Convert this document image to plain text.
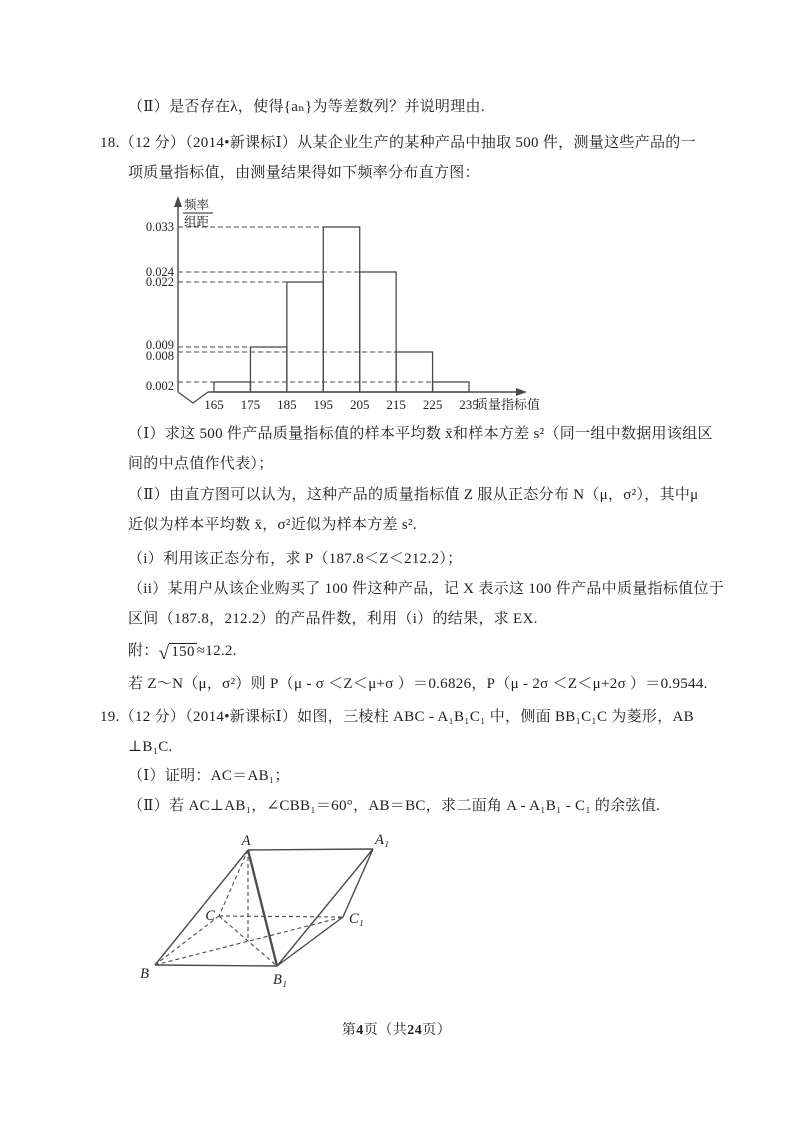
（Ⅱ）是否存在λ，使得{aₙ}为等差数列？并说明理由.
18.（12 分）（2014•新课标Ⅰ）从某企业生产的某种产品中抽取 500 件，测量这些产品的一
项质量指标值，由测量结果得如下频率分布直方图：
频率
组距
0.033
0.024
0.022
0.009
0.008
0.002
165 175 185 195 205 215 225 235
质量指标值
（Ⅰ）求这 500 件产品质量指标值的样本平均数 x̄和样本方差 s²（同一组中数据用该组区
间的中点值作代表）；
（Ⅱ）由直方图可以认为，这种产品的质量指标值 Z 服从正态分布 N（μ，σ²），其中μ
近似为样本平均数 x̄，σ²近似为样本方差 s².
（i）利用该正态分布，求 P（187.8＜Z＜212.2）；
（ii）某用户从该企业购买了 100 件这种产品，记 X 表示这 100 件产品中质量指标值位于
区间（187.8，212.2）的产品件数，利用（i）的结果，求 EX.
附： √ 150 ≈12.2.
若 Z～N（μ，σ²）则 P（μ - σ ＜Z＜μ+σ ）＝0.6826，P（μ - 2σ ＜Z＜μ+2σ ）＝0.9544.
19.（12 分）（2014•新课标Ⅰ）如图，三棱柱 ABC - A₁B₁C₁ 中，侧面 BB₁C₁C 为菱形，AB
⊥B₁C.
（Ⅰ）证明：AC＝AB₁；
（Ⅱ）若 AC⊥AB₁，∠CBB₁＝60°，AB＝BC，求二面角 A - A₁B₁ - C₁ 的余弦值.
A	A₁
C	C₁
B	B₁
第4页（共24页）
